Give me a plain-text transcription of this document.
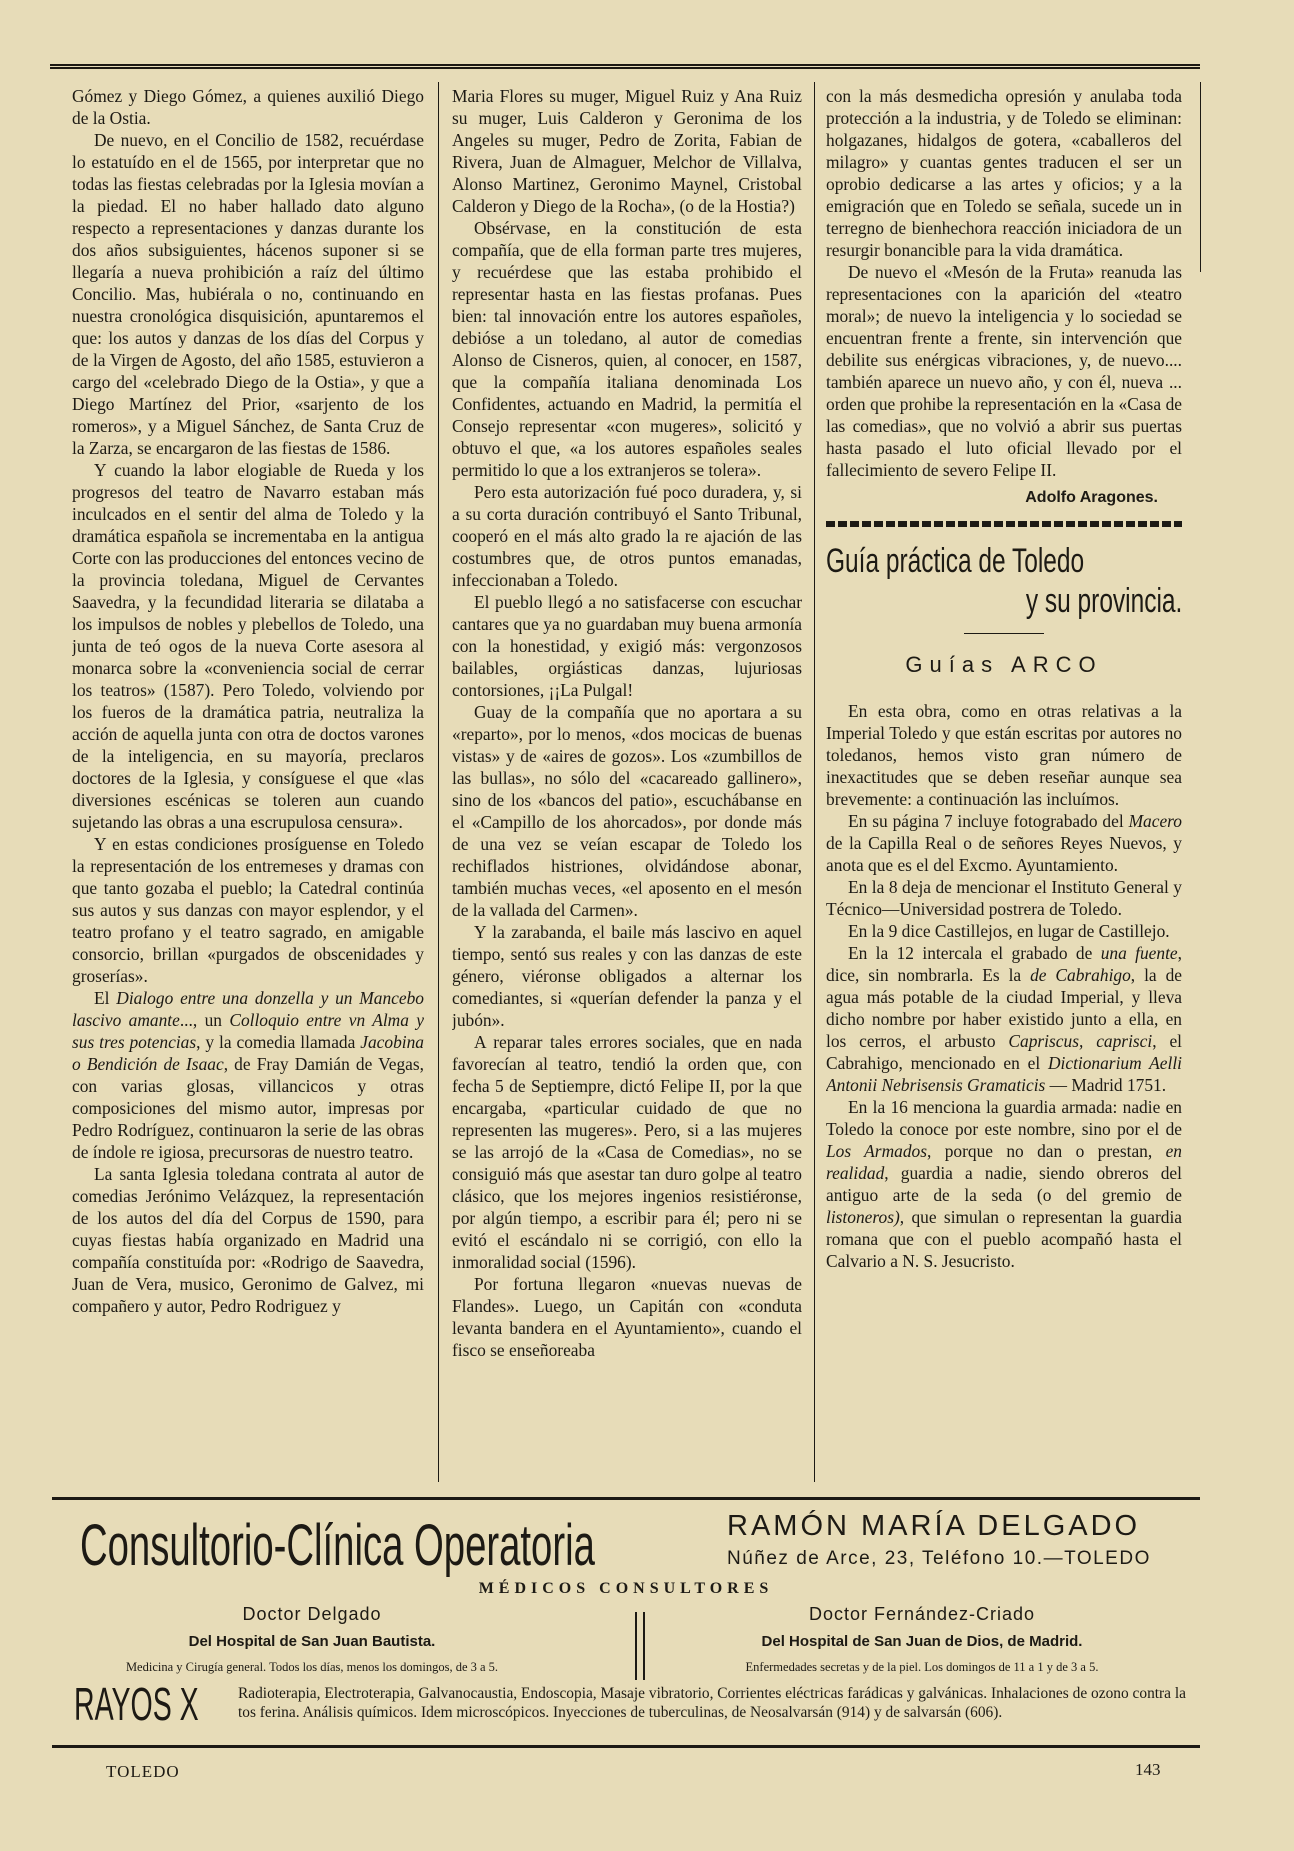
Gómez y Diego Gómez, a quienes auxilió Diego de la Ostia.

De nuevo, en el Concilio de 1582, recuérdase lo estatuído en el de 1565, por interpretar que no todas las fiestas celebradas por la Iglesia movían a la piedad. El no haber hallado dato alguno respecto a representaciones y danzas durante los dos años subsiguientes, hácenos suponer si se llegaría a nueva prohibición a raíz del último Concilio. Mas, hubiérala o no, continuando en nuestra cronológica disquisición, apuntaremos el que: los autos y danzas de los días del Corpus y de la Virgen de Agosto, del año 1585, estuvieron a cargo del «celebrado Diego de la Ostia», y que a Diego Martínez del Prior, «sarjento de los romeros», y a Miguel Sánchez, de Santa Cruz de la Zarza, se encargaron de las fiestas de 1586.

Y cuando la labor elogiable de Rueda y los progresos del teatro de Navarro estaban más inculcados en el sentir del alma de Toledo y la dramática española se incrementaba en la antigua Corte con las producciones del entonces vecino de la provincia toledana, Miguel de Cervantes Saavedra, y la fecundidad literaria se dilataba a los impulsos de nobles y plebellos de Toledo, una junta de teó ogos de la nueva Corte asesora al monarca sobre la «conveniencia social de cerrar los teatros» (1587). Pero Toledo, volviendo por los fueros de la dramática patria, neutraliza la acción de aquella junta con otra de doctos varones de la inteligencia, en su mayoría, preclaros doctores de la Iglesia, y consíguese el que «las diversiones escénicas se toleren aun cuando sujetando las obras a una escrupulosa censura».

Y en estas condiciones prosíguense en Toledo la representación de los entremeses y dramas con que tanto gozaba el pueblo; la Catedral continúa sus autos y sus danzas con mayor esplendor, y el teatro profano y el teatro sagrado, en amigable consorcio, brillan «purgados de obscenidades y groserías».

El Dialogo entre una donzella y un Mancebo lascivo amante..., un Colloquio entre vn Alma y sus tres potencias, y la comedia llamada Jacobina o Bendición de Isaac, de Fray Damián de Vegas, con varias glosas, villancicos y otras composiciones del mismo autor, impresas por Pedro Rodríguez, continuaron la serie de las obras de índole re igiosa, precursoras de nuestro teatro.

La santa Iglesia toledana contrata al autor de comedias Jerónimo Velázquez, la representación de los autos del día del Corpus de 1590, para cuyas fiestas había organizado en Madrid una compañía constituída por: «Rodrigo de Saavedra, Juan de Vera, musico, Geronimo de Galvez, mi compañero y autor, Pedro Rodriguez y

Maria Flores su muger, Miguel Ruiz y Ana Ruiz su muger, Luis Calderon y Geronima de los Angeles su muger, Pedro de Zorita, Fabian de Rivera, Juan de Almaguer, Melchor de Villalva, Alonso Martinez, Geronimo Maynel, Cristobal Calderon y Diego de la Rocha», (o de la Hostia?)

Obsérvase, en la constitución de esta compañía, que de ella forman parte tres mujeres, y recuérdese que las estaba prohibido el representar hasta en las fiestas profanas. Pues bien: tal innovación entre los autores españoles, debióse a un toledano, al autor de comedias Alonso de Cisneros, quien, al conocer, en 1587, que la compañía italiana denominada Los Confidentes, actuando en Madrid, la permitía el Consejo representar «con mugeres», solicitó y obtuvo el que, «a los autores españoles seales permitido lo que a los extranjeros se tolera».

Pero esta autorización fué poco duradera, y, si a su corta duración contribuyó el Santo Tribunal, cooperó en el más alto grado la re ajación de las costumbres que, de otros puntos emanadas, infeccionaban a Toledo.

El pueblo llegó a no satisfacerse con escuchar cantares que ya no guardaban muy buena armonía con la honestidad, y exigió más: vergonzosos bailables, orgiásticas danzas, lujuriosas contorsiones, ¡¡La Pulgal!

Guay de la compañía que no aportara a su «reparto», por lo menos, «dos mocicas de buenas vistas» y de «aires de gozos». Los «zumbillos de las bullas», no sólo del «cacareado gallinero», sino de los «bancos del patio», escuchábanse en el «Campillo de los ahorcados», por donde más de una vez se veían escapar de Toledo los rechiflados histriones, olvidándose abonar, también muchas veces, «el aposento en el mesón de la vallada del Carmen».

Y la zarabanda, el baile más lascivo en aquel tiempo, sentó sus reales y con las danzas de este género, viéronse obligados a alternar los comediantes, si «querían defender la panza y el jubón».

A reparar tales errores sociales, que en nada favorecían al teatro, tendió la orden que, con fecha 5 de Septiempre, dictó Felipe II, por la que encargaba, «particular cuidado de que no representen las mugeres». Pero, si a las mujeres se las arrojó de la «Casa de Comedias», no se consiguió más que asestar tan duro golpe al teatro clásico, que los mejores ingenios resistiéronse, por algún tiempo, a escribir para él; pero ni se evitó el escándalo ni se corrigió, con ello la inmoralidad social (1596).

Por fortuna llegaron «nuevas nuevas de Flandes». Luego, un Capitán con «conduta levanta bandera en el Ayuntamiento», cuando el fisco se enseñoreaba

con la más desmedicha opresión y anulaba toda protección a la industria, y de Toledo se eliminan: holgazanes, hidalgos de gotera, «caballeros del milagro» y cuantas gentes traducen el ser un oprobio dedicarse a las artes y oficios; y a la emigración que en Toledo se señala, sucede un in terregno de bienhechora reacción iniciadora de un resurgir bonancible para la vida dramática.

De nuevo el «Mesón de la Fruta» reanuda las representaciones con la aparición del «teatro moral»; de nuevo la inteligencia y lo sociedad se encuentran frente a frente, sin intervención que debilite sus enérgicas vibraciones, y, de nuevo.... también aparece un nuevo año, y con él, nueva ... orden que prohibe la representación en la «Casa de las comedias», que no volvió a abrir sus puertas hasta pasado el luto oficial llevado por el fallecimiento de severo Felipe II.

Adolfo Aragones.
Guía práctica de Toledo
y su provincia.
Guías ARCO

En esta obra, como en otras relativas a la Imperial Toledo y que están escritas por autores no toledanos, hemos visto gran número de inexactitudes que se deben reseñar aunque sea brevemente: a continuación las incluímos.

En su página 7 incluye fotograbado del Macero de la Capilla Real o de señores Reyes Nuevos, y anota que es el del Excmo. Ayuntamiento.

En la 8 deja de mencionar el Instituto General y Técnico—Universidad postrera de Toledo.

En la 9 dice Castillejos, en lugar de Castillejo.

En la 12 intercala el grabado de una fuente, dice, sin nombrarla. Es la de Cabrahigo, la de agua más potable de la ciudad Imperial, y lleva dicho nombre por haber existido junto a ella, en los cerros, el arbusto Capriscus, caprisci, el Cabrahigo, mencionado en el Dictionarium Aelli Antonii Nebrisensis Gramaticis — Madrid 1751.

En la 16 menciona la guardia armada: nadie en Toledo la conoce por este nombre, sino por el de Los Armados, porque no dan o prestan, en realidad, guardia a nadie, siendo obreros del antiguo arte de la seda (o del gremio de listoneros), que simulan o representan la guardia romana que con el pueblo acompañó hasta el Calvario a N. S. Jesucristo.

Consultorio-Clínica Operatoria	RAMÓN MARÍA DELGADO
Núñez de Arce, 23, Teléfono 10.—TOLEDO
MÉDICOS CONSULTORES
Doctor Delgado
Del Hospital de San Juan Bautista.
Medicina y Cirugía general. Todos los días, menos los domingos, de 3 a 5.
Doctor Fernández-Criado
Del Hospital de San Juan de Dios, de Madrid.
Enfermedades secretas y de la piel. Los domingos de 11 a 1 y de 3 a 5.
RAYOS X	Radioterapia, Electroterapia, Galvanocaustia, Endoscopia, Masaje vibratorio, Corrientes eléctricas farádicas y galvánicas. Inhalaciones de ozono contra la tos ferina. Análisis químicos. Idem microscópicos. Inyecciones de tuberculinas, de Neosalvarsán (914) y de salvarsán (606).
TOLEDO	143
